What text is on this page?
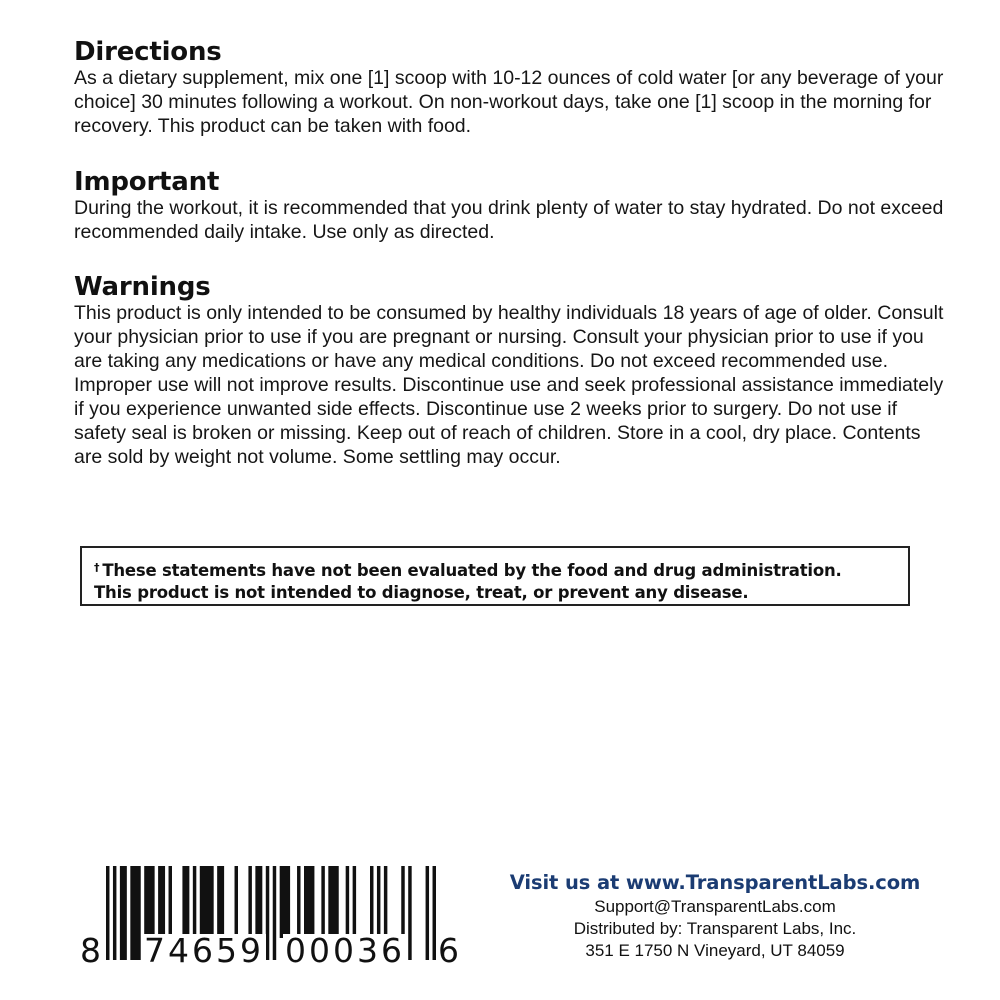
Directions

As a dietary supplement, mix one [1] scoop with 10-12 ounces of cold water [or any beverage of your choice] 30 minutes following a workout. On non-workout days, take one [1] scoop in the morning for recovery. This product can be taken with food.

Important

During the workout, it is recommended that you drink plenty of water to stay hydrated. Do not exceed recommended daily intake. Use only as directed.

Warnings

This product is only intended to be consumed by healthy individuals 18 years of age of older. Consult your physician prior to use if you are pregnant or nursing. Consult your physician prior to use if you are taking any medications or have any medical conditions. Do not exceed recommended use. Improper use will not improve results. Discontinue use and seek professional assistance immediately if you experience unwanted side effects. Discontinue use 2 weeks prior to surgery. Do not use if safety seal is broken or missing. Keep out of reach of children. Store in a cool, dry place. Contents are sold by weight not volume. Some settling may occur.

† These statements have not been evaluated by the food and drug administration.

This product is not intended to diagnose, treat, or prevent any disease.

8 74659 00036 6

Visit us at www.TransparentLabs.com

Support@TransparentLabs.com

Distributed by: Transparent Labs, Inc.

351 E 1750 N Vineyard, UT 84059
